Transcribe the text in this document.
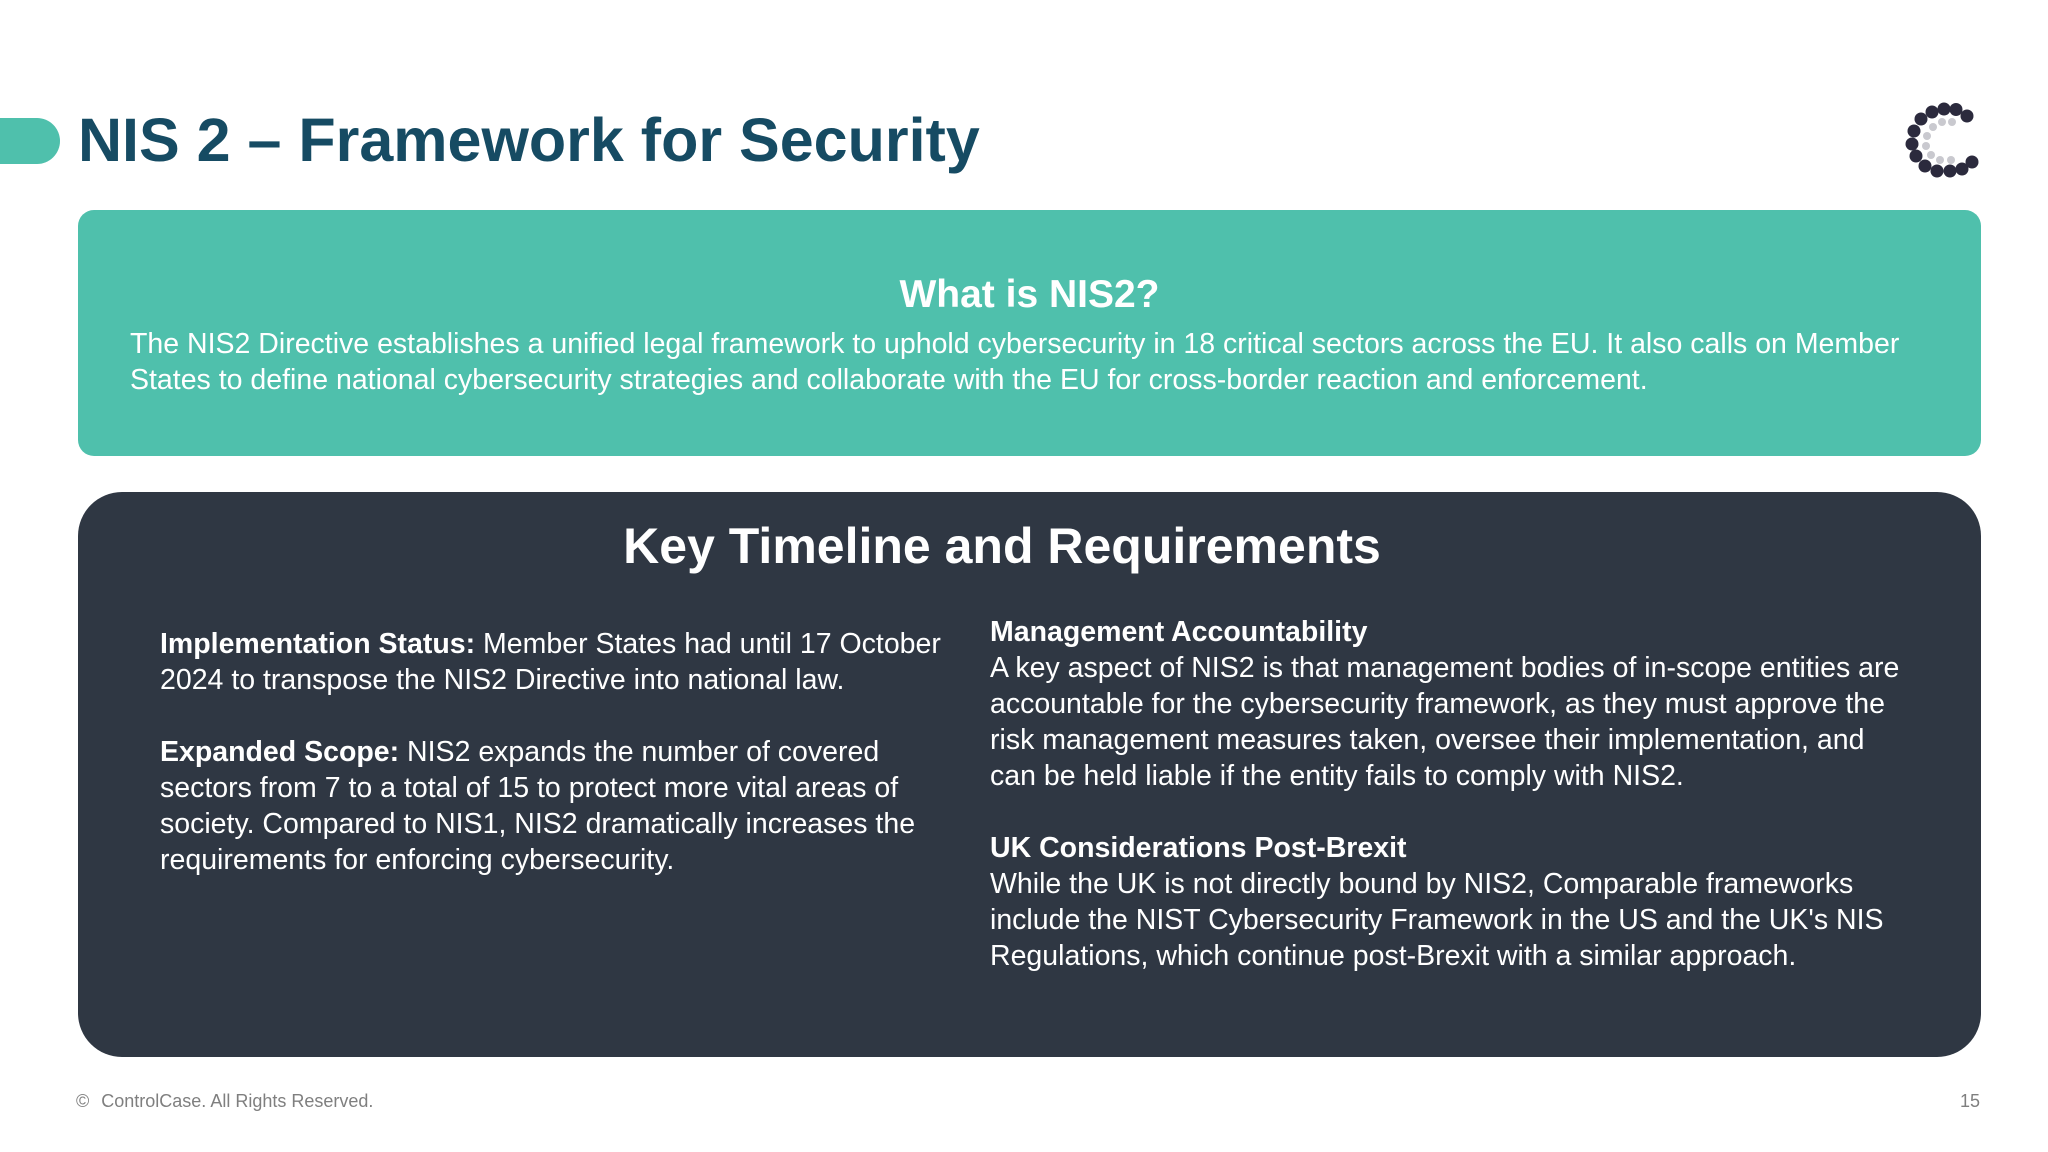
NIS 2 – Framework for Security
What is NIS2?

The NIS2 Directive establishes a unified legal framework to uphold cybersecurity in 18 critical sectors across the EU. It also calls on Member States to define national cybersecurity strategies and collaborate with the EU for cross-border reaction and enforcement.

Key Timeline and Requirements

Implementation Status: Member States had until 17 October 2024 to transpose the NIS2 Directive into national law.

Expanded Scope: NIS2 expands the number of covered sectors from 7 to a total of 15 to protect more vital areas of society. Compared to NIS1, NIS2 dramatically increases the requirements for enforcing cybersecurity.

Management Accountability
A key aspect of NIS2 is that management bodies of in-scope entities are accountable for the cybersecurity framework, as they must approve the risk management measures taken, oversee their implementation, and can be held liable if the entity fails to comply with NIS2.

UK Considerations Post-Brexit
While the UK is not directly bound by NIS2, Comparable frameworks include the NIST Cybersecurity Framework in the US and the UK's NIS Regulations, which continue post-Brexit with a similar approach.

© ControlCase. All Rights Reserved.	15
